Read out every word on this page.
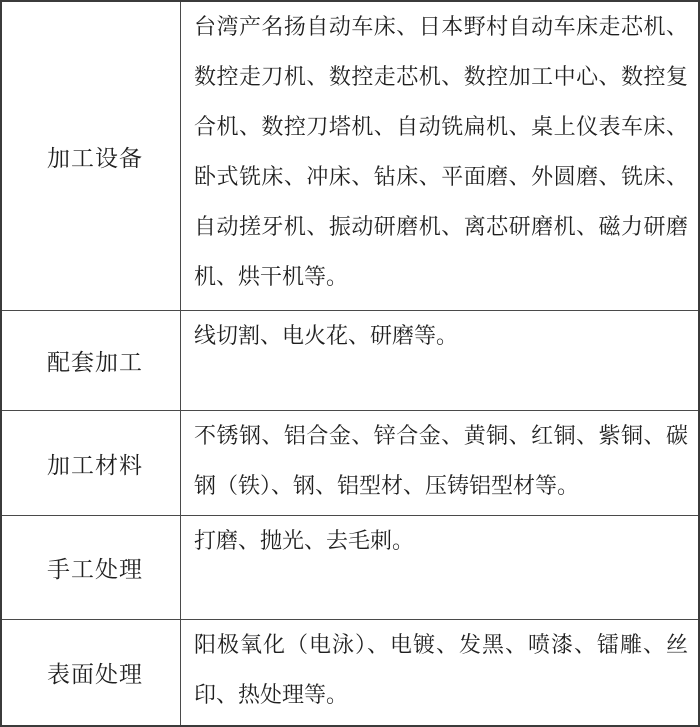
加工设备
台湾产名扬自动车床、日本野村自动车床走芯机、数控走刀机、数控走芯机、数控加工中心、数控复合机、数控刀塔机、自动铣扁机、桌上仪表车床、卧式铣床、冲床、钻床、平面磨、外圆磨、铣床、自动搓牙机、振动研磨机、离芯研磨机、磁力研磨机、烘干机等。
配套加工
线切割、电火花、研磨等。
加工材料
不锈钢、铝合金、锌合金、黄铜、红铜、紫铜、碳钢（铁）、钢、铝型材、压铸铝型材等。
手工处理
打磨、抛光、去毛刺。
表面处理
阳极氧化（电泳）、电镀、发黑、喷漆、镭雕、丝印、热处理等。
